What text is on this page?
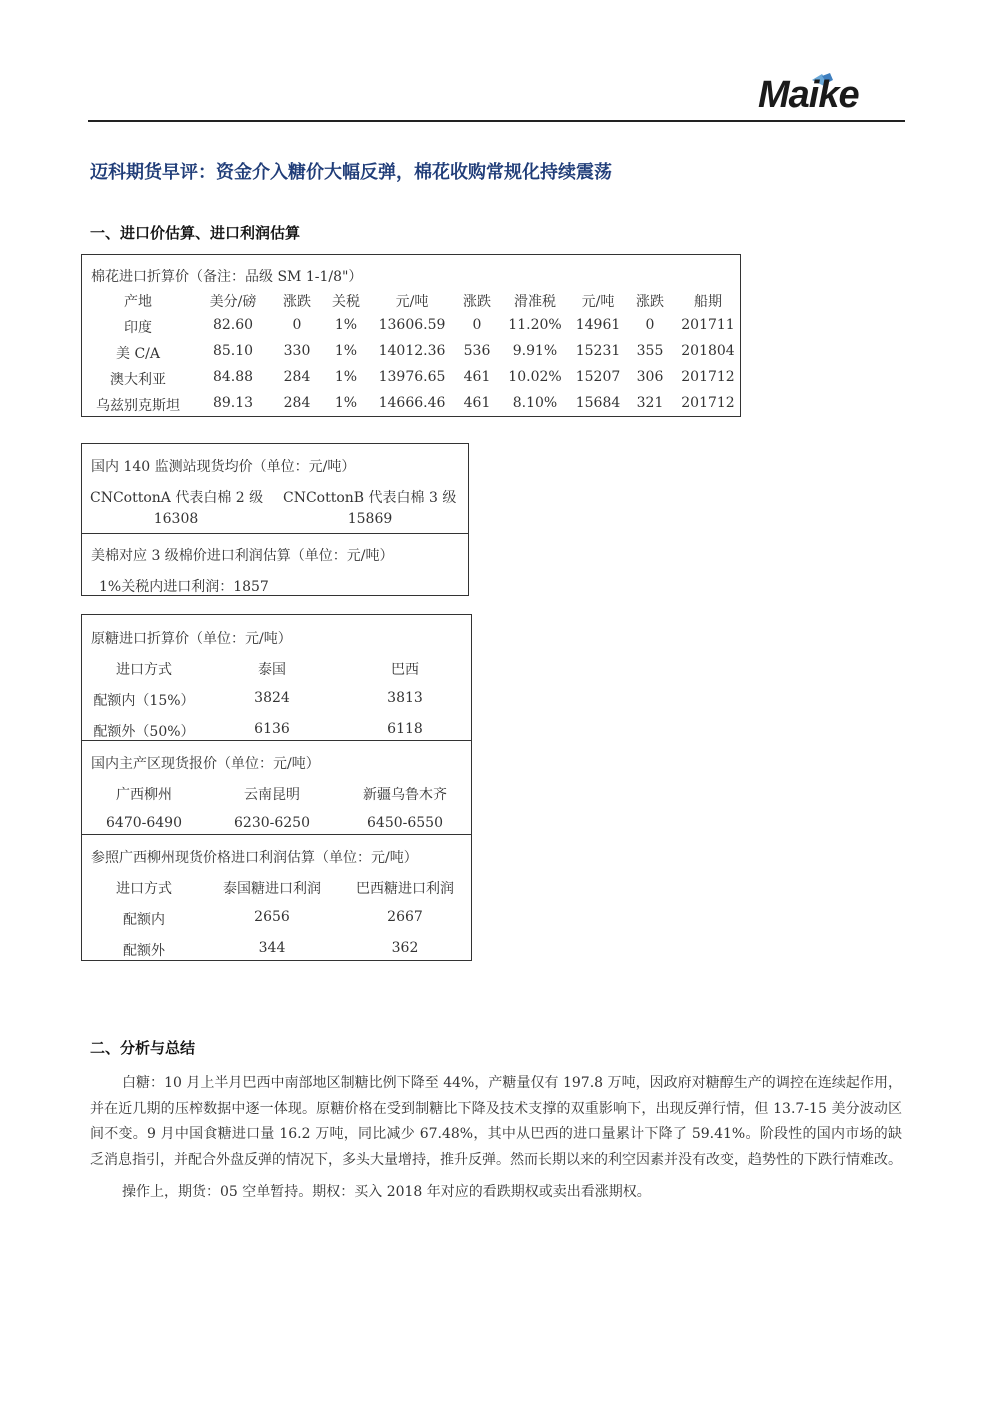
Maike
迈科期货早评：资金介入糖价大幅反弹，棉花收购常规化持续震荡
一、进口价估算、进口利润估算
棉花进口折算价（备注：品级 SM 1-1/8"）
产地	美分/磅 涨跌 关税	元/吨 涨跌 滑准税 元/吨 涨跌 船期
印度	82.60	0 1% 13606.59 0 11.20% 14961 0 201711
美 C/A	85.10 330 1% 14012.36 536 9.91% 15231 355 201804
澳大利亚	84.88 284 1% 13976.65 461 10.02% 15207 306 201712
乌兹别克斯坦 89.13 284 1% 14666.46 461 8.10% 15684 321 201712
国内 140 监测站现货均价（单位：元/吨）
CNCottonA 代表白棉 2 级 CNCottonB 代表白棉 3 级
16308	15869
美棉对应 3 级棉价进口利润估算（单位：元/吨）
1%关税内进口利润：1857
原糖进口折算价（单位：元/吨）
进口方式	泰国	巴西
配额内（15%）	3824	3813
配额外（50%）	6136	6118
国内主产区现货报价（单位：元/吨）
广西柳州	云南昆明	新疆乌鲁木齐
6470-6490	6230-6250	6450-6550
参照广西柳州现货价格进口利润估算（单位：元/吨）
进口方式	泰国糖进口利润	巴西糖进口利润
配额内	2656	2667
配额外	344	362
二、分析与总结

白糖：10 月上半月巴西中南部地区制糖比例下降至 44%，产糖量仅有 197.8 万吨，因政府对糖醇生产的调控在连续起作用，并在近几期的压榨数据中逐一体现。原糖价格在受到制糖比下降及技术支撑的双重影响下，出现反弹行情，但 13.7-15 美分波动区间不变。9 月中国食糖进口量 16.2 万吨，同比减少 67.48%，其中从巴西的进口量累计下降了 59.41%。阶段性的国内市场的缺乏消息指引，并配合外盘反弹的情况下，多头大量增持，推升反弹。然而长期以来的利空因素并没有改变，趋势性的下跌行情难改。

操作上，期货：05 空单暂持。期权：买入 2018 年对应的看跌期权或卖出看涨期权。
